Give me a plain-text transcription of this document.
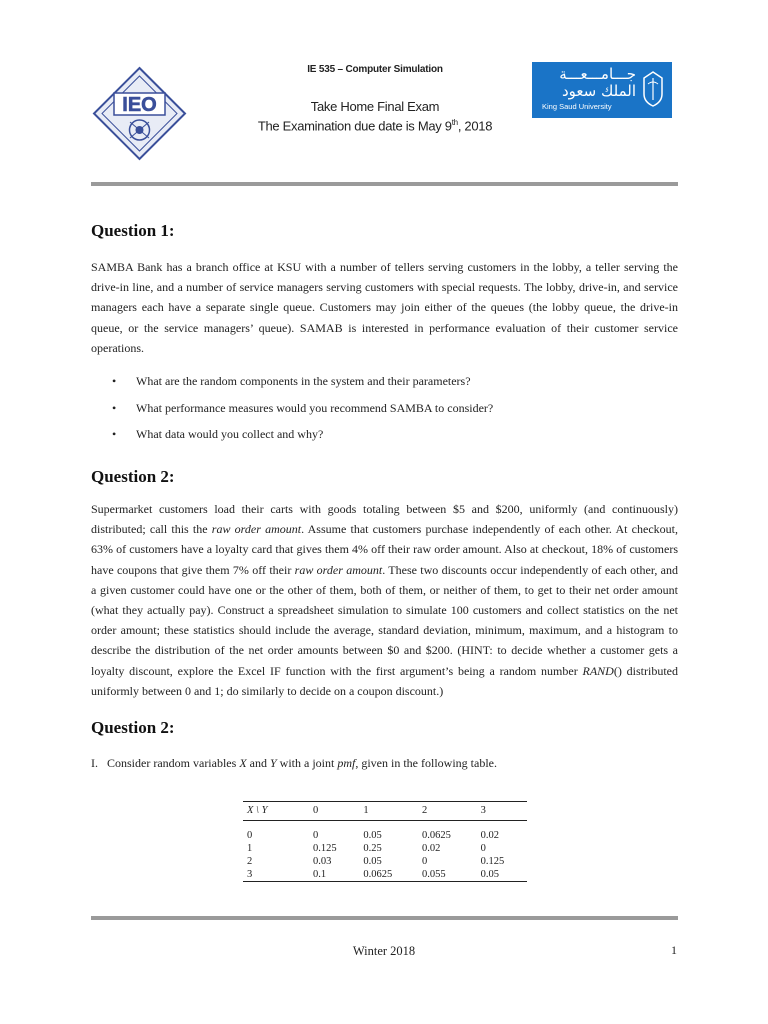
IEO
IE 535 – Computer Simulation
Take Home Final Exam
The Examination due date is May 9th, 2018
جـــامـــعـــة
الملك سعود
King Saud University
Question 1:
SAMBA Bank has a branch office at KSU with a number of tellers serving customers in the lobby, a teller serving the drive-in line, and a number of service managers serving customers with special requests. The lobby, drive-in, and service managers each have a separate single queue. Customers may join either of the queues (the lobby queue, the drive-in queue, or the service managers’ queue). SAMAB is interested in performance evaluation of their customer service operations.
• What are the random components in the system and their parameters?
• What performance measures would you recommend SAMBA to consider?
• What data would you collect and why?
Question 2:
Supermarket customers load their carts with goods totaling between $5 and $200, uniformly (and continuously) distributed; call this the raw order amount. Assume that customers purchase independently of each other. At checkout, 63% of customers have a loyalty card that gives them 4% off their raw order amount. Also at checkout, 18% of customers have coupons that give them 7% off their raw order amount. These two discounts occur independently of each other, and a given customer could have one or the other of them, both of them, or neither of them, to get to their net order amount (what they actually pay). Construct a spreadsheet simulation to simulate 100 customers and collect statistics on the net order amount; these statistics should include the average, standard deviation, minimum, maximum, and a histogram to describe the distribution of the net order amounts between $0 and $200. (HINT: to decide whether a customer gets a loyalty discount, explore the Excel IF function with the first argument’s being a random number RAND() distributed uniformly between 0 and 1; do similarly to decide on a coupon discount.)
Question 2:
I. Consider random variables X and Y with a joint pmf, given in the following table.
X \ Y	0	1	2	3
0	0	0.05	0.0625	0.02
1	0.125	0.25	0.02	0
2	0.03	0.05	0	0.125
3	0.1	0.0625	0.055	0.05
Winter 2018	1
